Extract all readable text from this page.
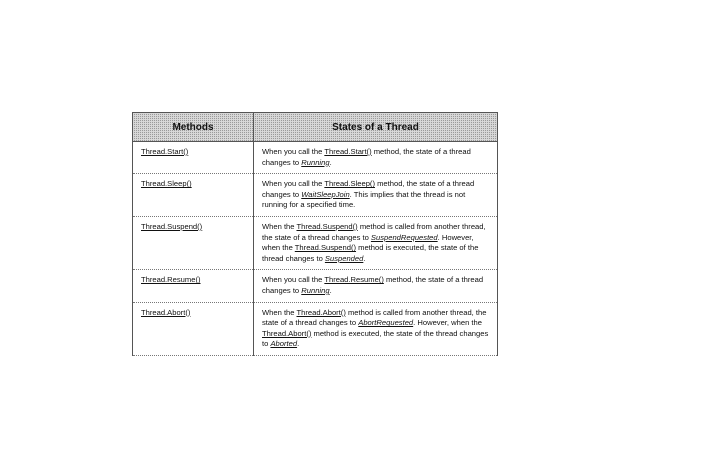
Methods	States of a Thread
Thread.Start()	When you call the Thread.Start() method, the state of a thread changes to Running.
Thread.Sleep()	When you call the Thread.Sleep() method, the state of a thread changes to WaitSleepJoin. This implies that the thread is not running for a specified time.
Thread.Suspend()	When the Thread.Suspend() method is called from another thread, the state of a thread changes to SuspendRequested. However, when the Thread.Suspend() method is executed, the state of the thread changes to Suspended.
Thread.Resume()	When you call the Thread.Resume() method, the state of a thread changes to Running.
Thread.Abort()	When the Thread.Abort() method is called from another thread, the state of a thread changes to AbortRequested. However, when the Thread.Abort() method is executed, the state of the thread changes to Aborted.
